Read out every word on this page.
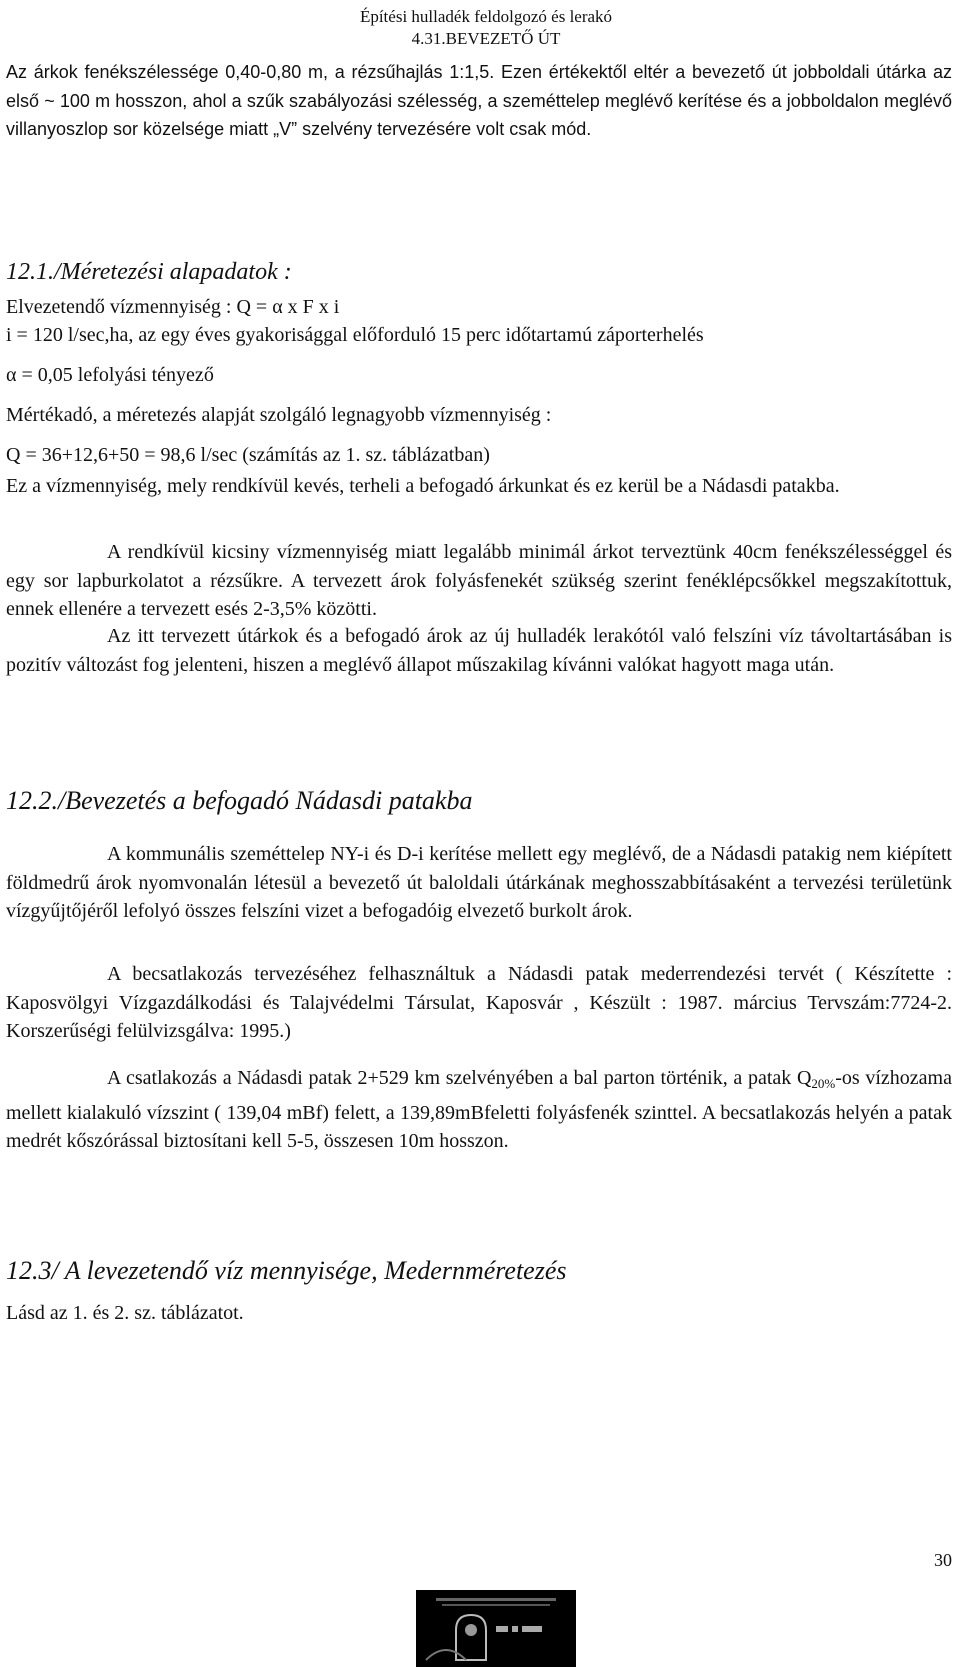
Építési hulladék feldolgozó és lerakó
4.31.BEVEZETŐ ÚT
Az árkok fenékszélessége 0,40-0,80 m, a rézsűhajlás 1:1,5. Ezen értékektől eltér a bevezető út jobboldali útárka az első ~ 100 m hosszon, ahol a szűk szabályozási szélesség, a szeméttelep meglévő kerítése és a jobboldalon meglévő villanyoszlop sor közelsége miatt „V” szelvény tervezésére volt csak mód.
12.1./Méretezési alapadatok :
Elvezetendő vízmennyiség : Q = α x F x i
i = 120 l/sec,ha, az egy éves gyakorisággal előforduló 15 perc időtartamú záporterhelés
α = 0,05 lefolyási tényező
Mértékadó, a méretezés alapját szolgáló legnagyobb vízmennyiség :
Q = 36+12,6+50 = 98,6 l/sec (számítás az 1. sz. táblázatban)
Ez a vízmennyiség, mely rendkívül kevés, terheli a befogadó árkunkat és ez kerül be a Nádasdi patakba.
A rendkívül kicsiny vízmennyiség miatt legalább minimál árkot terveztünk 40cm fenékszélességgel és egy sor lapburkolatot a rézsűkre. A tervezett árok folyásfenekét szükség szerint fenéklépcsőkkel megszakítottuk, ennek ellenére a tervezett esés 2-3,5% közötti.
Az itt tervezett útárkok és a befogadó árok az új hulladék lerakótól való felszíni víz távoltartásában is pozitív változást fog jelenteni, hiszen a meglévő állapot műszakilag kívánni valókat hagyott maga után.
12.2./Bevezetés a befogadó Nádasdi patakba
A kommunális szeméttelep NY-i és D-i kerítése mellett egy meglévő, de a Nádasdi patakig nem kiépített földmedrű árok nyomvonalán létesül a bevezető út baloldali útárkának meghosszabbításaként a tervezési területünk vízgyűjtőjéről lefolyó összes felszíni vizet a befogadóig elvezető burkolt árok.
A becsatlakozás tervezéséhez felhasználtuk a Nádasdi patak mederrendezési tervét ( Készítette : Kaposvölgyi Vízgazdálkodási és Talajvédelmi Társulat, Kaposvár , Készült : 1987. március Tervszám:7724-2. Korszerűségi felülvizsgálva: 1995.)
A csatlakozás a Nádasdi patak 2+529 km szelvényében a bal parton történik, a patak $Q_{20\%}-os$ vízhozama mellett kialakuló vízszint ( 139,04 mBf) felett, a 139,89mBfeletti folyásfenék szinttel. A becsatlakozás helyén a patak medrét kőszórással biztosítani kell 5-5, összesen 10m hosszon.
12.3/ A levezetendő víz mennyisége, Medernméretezés
Lásd az 1. és 2. sz. táblázatot.
30
